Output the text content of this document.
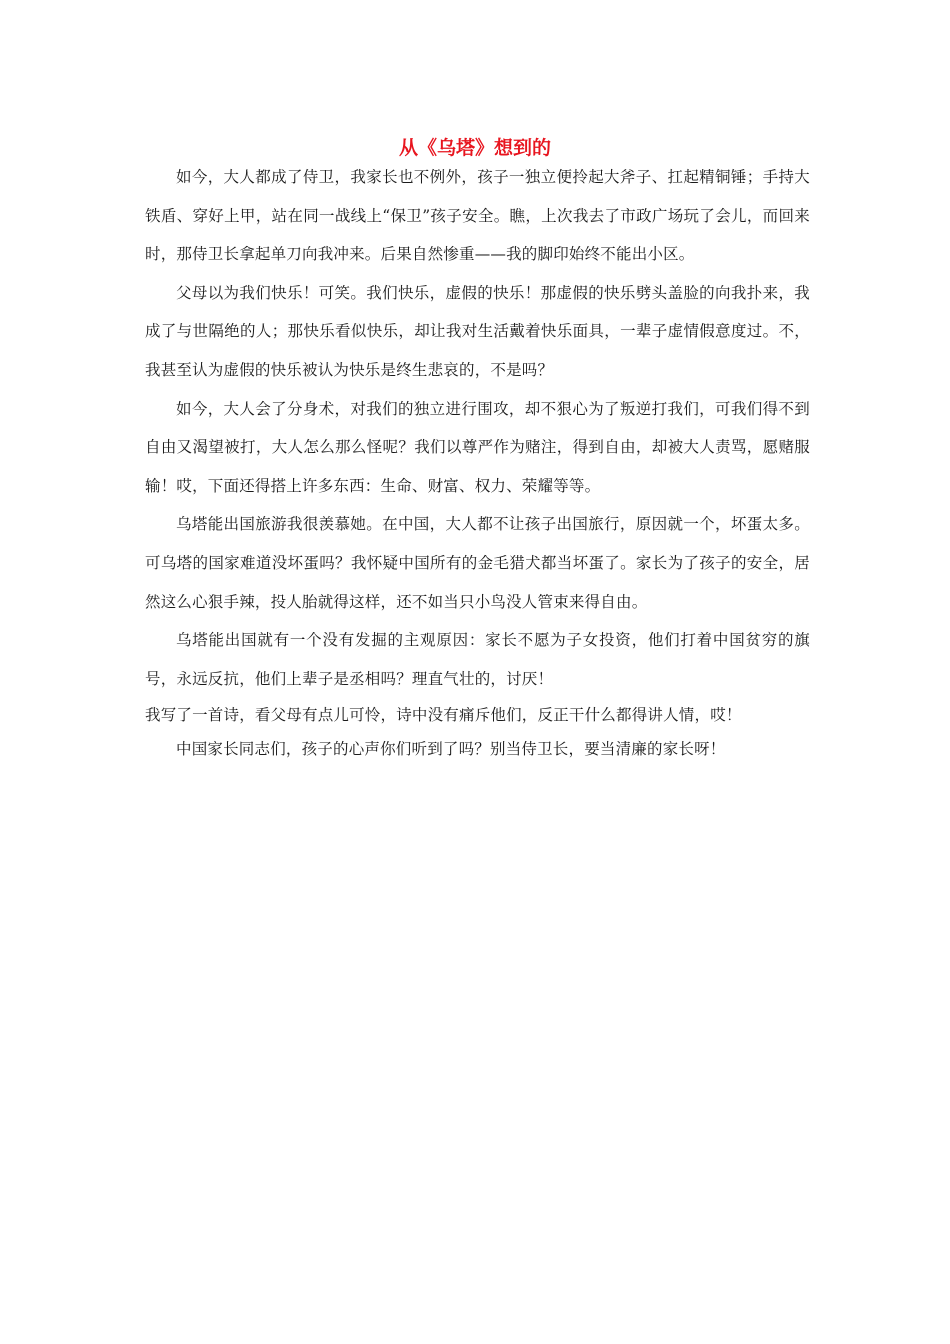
从《乌塔》想到的

如今，大人都成了侍卫，我家长也不例外，孩子一独立便拎起大斧子、扛起精铜锤；手持大铁盾、穿好上甲，站在同一战线上“保卫”孩子安全。瞧，上次我去了市政广场玩了会儿，而回来时，那侍卫长拿起单刀向我冲来。后果自然惨重——我的脚印始终不能出小区。

父母以为我们快乐！可笑。我们快乐，虚假的快乐！那虚假的快乐劈头盖脸的向我扑来，我成了与世隔绝的人；那快乐看似快乐，却让我对生活戴着快乐面具，一辈子虚情假意度过。不，我甚至认为虚假的快乐被认为快乐是终生悲哀的，不是吗？

如今，大人会了分身术，对我们的独立进行围攻，却不狠心为了叛逆打我们，可我们得不到自由又渴望被打，大人怎么那么怪呢？我们以尊严作为赌注，得到自由，却被大人责骂，愿赌服输！哎，下面还得搭上许多东西：生命、财富、权力、荣耀等等。

乌塔能出国旅游我很羡慕她。在中国，大人都不让孩子出国旅行，原因就一个，坏蛋太多。可乌塔的国家难道没坏蛋吗？我怀疑中国所有的金毛猎犬都当坏蛋了。家长为了孩子的安全，居然这么心狠手辣，投人胎就得这样，还不如当只小鸟没人管束来得自由。

乌塔能出国就有一个没有发掘的主观原因：家长不愿为子女投资，他们打着中国贫穷的旗号，永远反抗，他们上辈子是丞相吗？理直气壮的，讨厌！

我写了一首诗，看父母有点儿可怜，诗中没有痛斥他们，反正干什么都得讲人情，哎！

中国家长同志们，孩子的心声你们听到了吗？别当侍卫长，要当清廉的家长呀！
